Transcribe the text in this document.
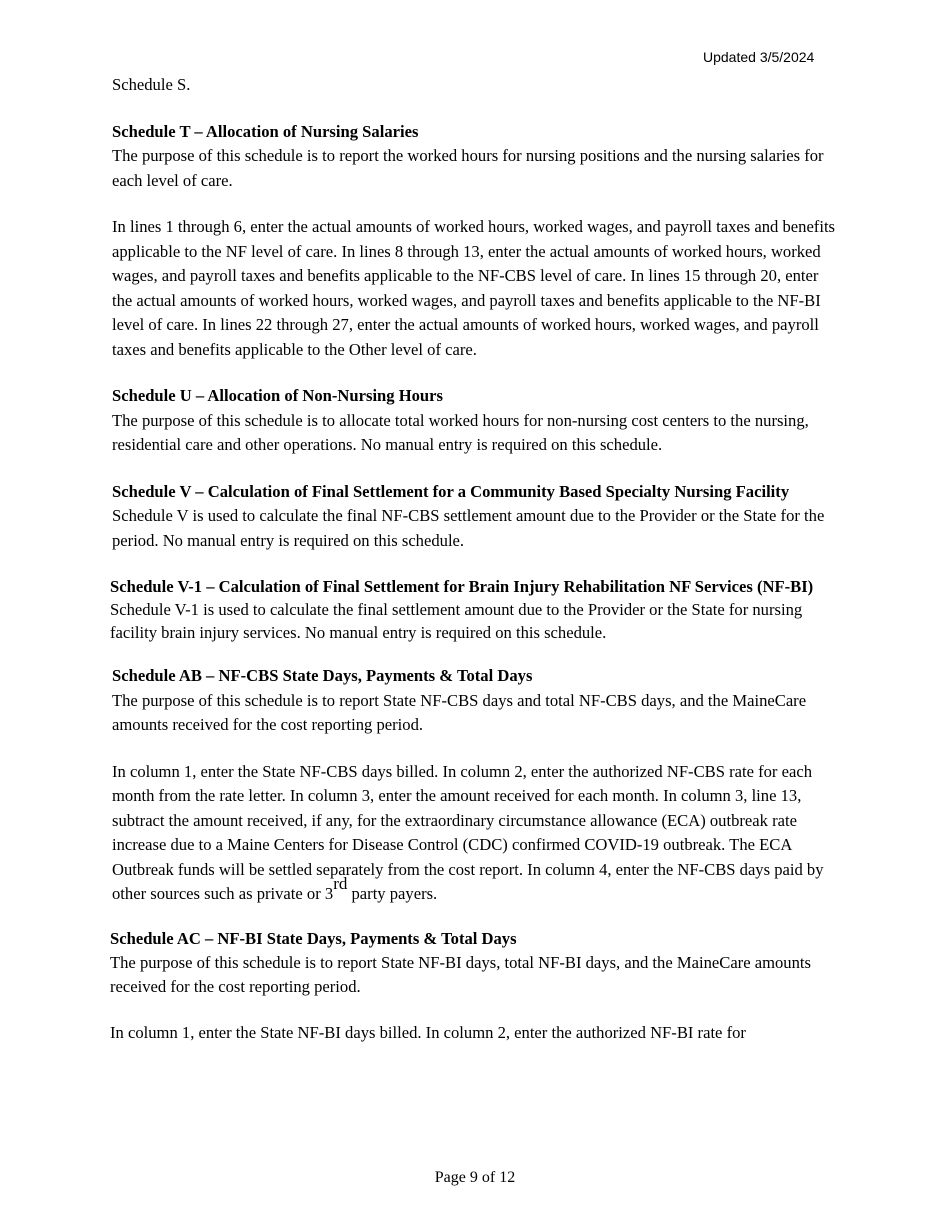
Updated 3/5/2024

Schedule S.

Schedule T – Allocation of Nursing Salaries

The purpose of this schedule is to report the worked hours for nursing positions and the nursing salaries for each level of care.

In lines 1 through 6, enter the actual amounts of worked hours, worked wages, and payroll taxes and benefits applicable to the NF level of care. In lines 8 through 13, enter the actual amounts of worked hours, worked wages, and payroll taxes and benefits applicable to the NF-CBS level of care. In lines 15 through 20, enter the actual amounts of worked hours, worked wages, and payroll taxes and benefits applicable to the NF-BI level of care. In lines 22 through 27, enter the actual amounts of worked hours, worked wages, and payroll taxes and benefits applicable to the Other level of care.

Schedule U – Allocation of Non-Nursing Hours

The purpose of this schedule is to allocate total worked hours for non-nursing cost centers to the nursing, residential care and other operations. No manual entry is required on this schedule.

Schedule V – Calculation of Final Settlement for a Community Based Specialty Nursing Facility

Schedule V is used to calculate the final NF-CBS settlement amount due to the Provider or the State for the period. No manual entry is required on this schedule.

Schedule V-1 – Calculation of Final Settlement for Brain Injury Rehabilitation NF Services (NF-BI)

Schedule V-1 is used to calculate the final settlement amount due to the Provider or the State for nursing facility brain injury services. No manual entry is required on this schedule.

Schedule AB – NF-CBS State Days, Payments & Total Days

The purpose of this schedule is to report State NF-CBS days and total NF-CBS days, and the MaineCare amounts received for the cost reporting period.

In column 1, enter the State NF-CBS days billed. In column 2, enter the authorized NF-CBS rate for each month from the rate letter. In column 3, enter the amount received for each month. In column 3, line 13, subtract the amount received, if any, for the extraordinary circumstance allowance (ECA) outbreak rate increase due to a Maine Centers for Disease Control (CDC) confirmed COVID-19 outbreak. The ECA Outbreak funds will be settled separately from the cost report. In column 4, enter the NF-CBS days paid by other sources such as private or 3rd party payers.

Schedule AC – NF-BI State Days, Payments & Total Days

The purpose of this schedule is to report State NF-BI days, total NF-BI days, and the MaineCare amounts received for the cost reporting period.

In column 1, enter the State NF-BI days billed. In column 2, enter the authorized NF-BI rate for

Page 9 of 12
